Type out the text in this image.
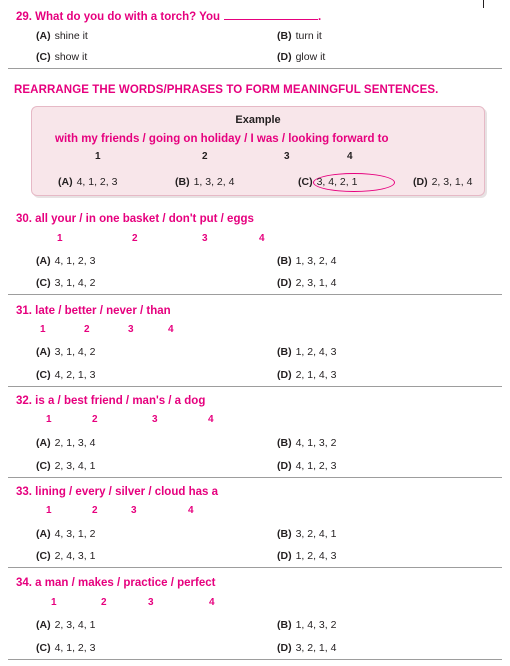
29. What do you do with a torch? You	.
(A) shine it	(B) turn it
(C) show it	(D) glow it
REARRANGE THE WORDS/PHRASES TO FORM MEANINGFUL SENTENCES.
Example
with my friends / going on holiday / I was / looking forward to
1	2	3	4
(A) 4, 1, 2, 3	(B) 1, 3, 2, 4	(C) 3, 4, 2, 1	(D) 2, 3, 1, 4
30. all your / in one basket / don't put / eggs
1	2	3	4
(A) 4, 1, 2, 3	(B) 1, 3, 2, 4
(C) 3, 1, 4, 2	(D) 2, 3, 1, 4
31. late / better / never / than
1	2	3	4
(A) 3, 1, 4, 2	(B) 1, 2, 4, 3
(C) 4, 2, 1, 3	(D) 2, 1, 4, 3
32. is a / best friend / man's / a dog
1	2	3	4
(A) 2, 1, 3, 4	(B) 4, 1, 3, 2
(C) 2, 3, 4, 1	(D) 4, 1, 2, 3
33. lining / every / silver / cloud has a
1	2	3	4
(A) 4, 3, 1, 2	(B) 3, 2, 4, 1
(C) 2, 4, 3, 1	(D) 1, 2, 4, 3
34. a man / makes / practice / perfect
1	2	3	4
(A) 2, 3, 4, 1	(B) 1, 4, 3, 2
(C) 4, 1, 2, 3	(D) 3, 2, 1, 4
